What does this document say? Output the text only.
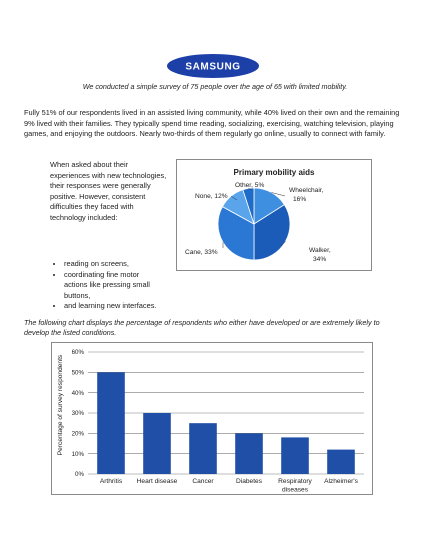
SAMSUNG
We conducted a simple survey of 75 people over the age of 65 with limited mobility.
Fully 51% of our respondents lived in an assisted living community, while 40% lived on their own and the remaining 9% lived with their families. They typically spend time reading, socializing, exercising, watching television, playing games, and enjoying the outdoors. Nearly two-thirds of them regularly go online, usually to connect with family.
When asked about their experiences with new technologies, their responses were generally positive. However, consistent difficulties they faced with technology included:
• reading on screens,
• coordinating fine motor actions like pressing small buttons,
• and learning new interfaces.
Primary mobility aids
Wheelchair,
16%
Walker,
34%
Cane, 33%
None, 12%
Other, 5%
The following chart displays the percentage of respondents who either have developed or are extremely likely to develop the listed conditions.
0%
10%
20%
30%
40%
50%
60%
Percentage of survey respondents
Arthritis Heart disease Cancer	Diabetes Respiratory
diseases
Alzheimer's
